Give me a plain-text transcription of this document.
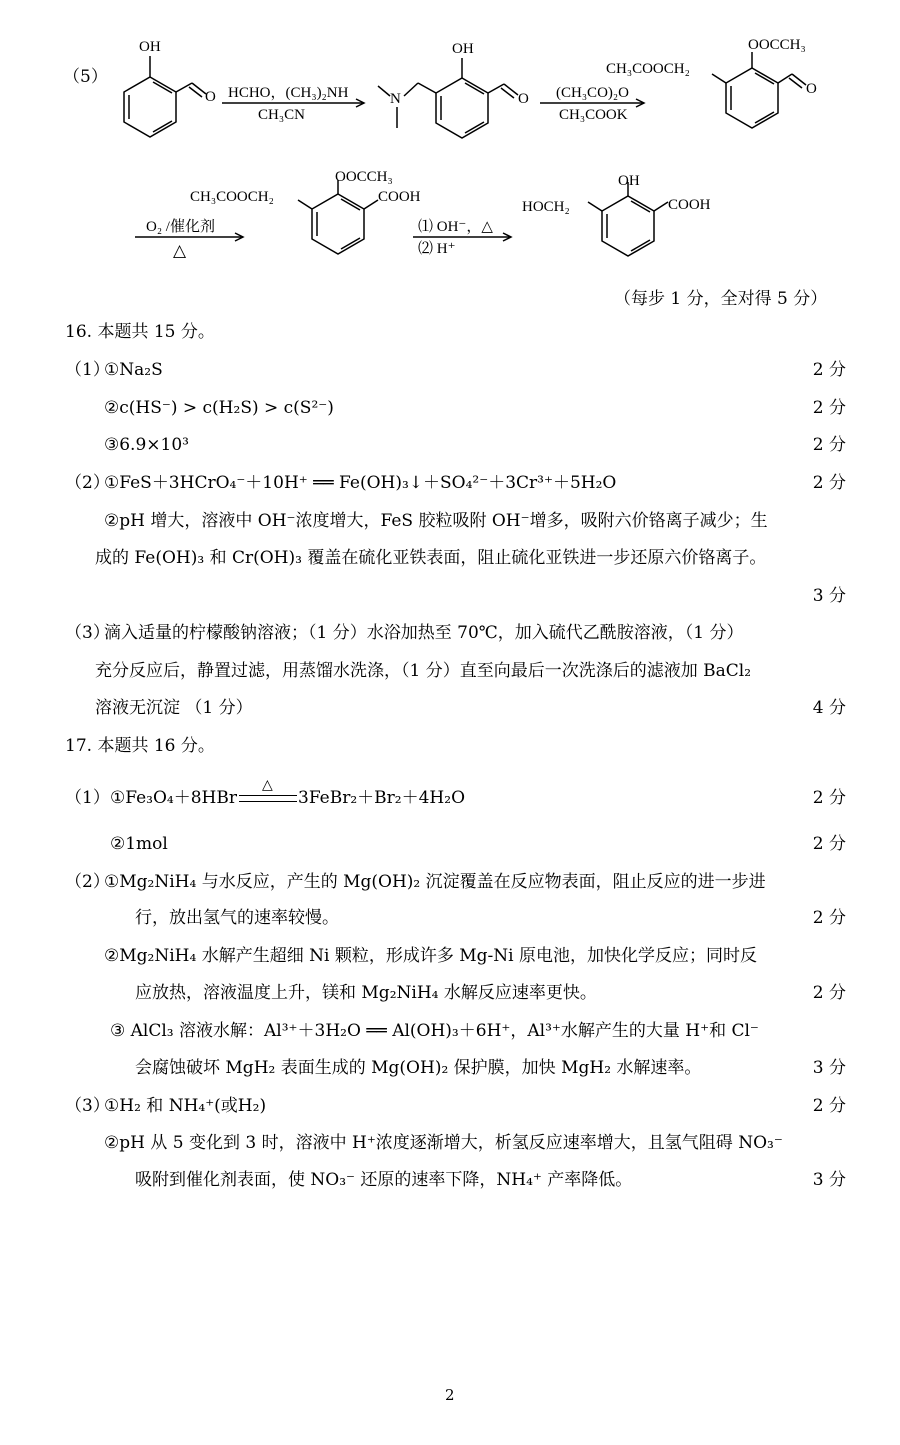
（5）
OH
O HCHO，(CH₃)₂NH
CH₃CN
N
OH
O (CH₃CO)₂O
CH₃COOK
OOCCH₃
CH₃COOCH₂
O
O₂ /催化剂
△
OOCCH₃
CH₃COOCH₂	COOH
⑴ OH⁻，△
⑵ H⁺
OH
HOCH₂	COOH
（每步 1 分，全对得 5 分）
16. 本题共 15 分。
（1）
①Na₂S	2 分
②c(HS⁻) > c(H₂S) > c(S²⁻)	2 分
③6.9×10³	2 分
（2）
①FeS＋3HCrO₄⁻＋10H⁺ ══ Fe(OH)₃↓＋SO₄²⁻＋3Cr³⁺＋5H₂O	2 分
②pH 增大，溶液中 OH⁻浓度增大，FeS 胶粒吸附 OH⁻增多，吸附六价铬离子减少；生
成的 Fe(OH)₃ 和 Cr(OH)₃ 覆盖在硫化亚铁表面，阻止硫化亚铁进一步还原六价铬离子。
3 分
（3）
滴入适量的柠檬酸钠溶液；（1 分）水浴加热至 70℃，加入硫代乙酰胺溶液，（1 分）
充分反应后，静置过滤，用蒸馏水洗涤，（1 分）直至向最后一次洗涤后的滤液加 BaCl₂
溶液无沉淀 （1 分）	4 分
17. 本题共 16 分。
（1） ①Fe₃O₄＋8HBr
△
3FeBr₂＋Br₂＋4H₂O	2 分
②1mol	2 分
（2）
①Mg₂NiH₄ 与水反应，产生的 Mg(OH)₂ 沉淀覆盖在反应物表面，阻止反应的进一步进
行，放出氢气的速率较慢。	2 分
②Mg₂NiH₄ 水解产生超细 Ni 颗粒，形成许多 Mg-Ni 原电池，加快化学反应；同时反
应放热，溶液温度上升，镁和 Mg₂NiH₄ 水解反应速率更快。	2 分
③ AlCl₃ 溶液水解：Al³⁺＋3H₂O ══ Al(OH)₃＋6H⁺，Al³⁺水解产生的大量 H⁺和 Cl⁻
会腐蚀破坏 MgH₂ 表面生成的 Mg(OH)₂ 保护膜，加快 MgH₂ 水解速率。	3 分
（3）
①H₂ 和 NH₄⁺(或H₂)	2 分
②pH 从 5 变化到 3 时，溶液中 H⁺浓度逐渐增大，析氢反应速率增大，且氢气阻碍 NO₃⁻
吸附到催化剂表面，使 NO₃⁻ 还原的速率下降，NH₄⁺ 产率降低。	3 分
2
